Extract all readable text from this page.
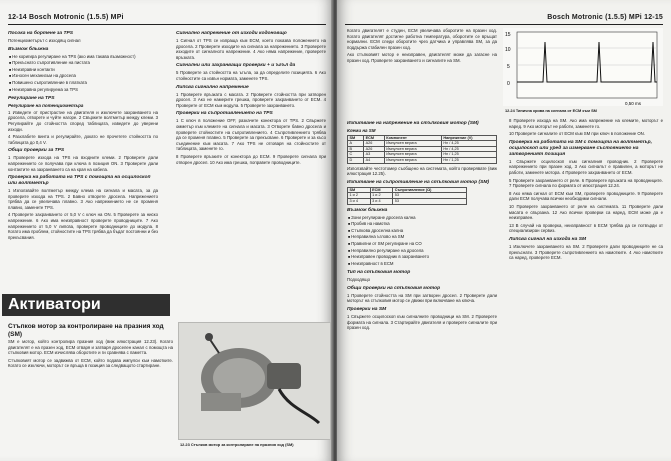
12-14 Bosch Motronic (1.5.5) MPi
Посока на бортене за TPS

Потенциометърът с изходящ сигнал

Възмож блыжна
■ Не коригира регулиране на TPS (ако има такава възможност)
■ Прекъснато съпротивление на пистата
■ Неизправни контакти
■ Износен механизъм на дросела
■ Повишено съпротивление в платката
■ Неизправна регулируема за TPS
Регулиране на TPS
Регулиране на потенциометъра

1 Изведете от пристрастие на двигателя и изключете захранването на дросела, отворете и чуйте нагоре. 2 Свържете волтметър между клеми. 3 Регулирайте до стойността според таблицата, изведете до уверени изходи.

4 Разхлабете винта и регулирайте, докато не прочетете стойността по таблицата до 0,4 V.

Общи проверки за TPS

1 Проверете изхода на TPS на входните клеми. 2 Проверете дали напрежението се получава при ключа в позиция ON. 3 Проверете дали контактите на захранването са на края на кабела.

Проверка на работата на TPS с помощта на осцилоскоп или волтметър

1 Използвайте волтметър между клема на сигнала и масата, за да проверите изхода на TPS. 2 Бавно отворете дросела. Напрежението трябва да се увеличава плавно. 3 Ако напрежението не се променя плавно, заменете TPS.

4 Проверете захранването от 5,0 V с ключ на ON. 5 Проверете за ниско напрежение. 6 Ако има неизправност проверете проводниците. 7 Ако напрежението от 5,0 V липсва, проверете проводниците до модула. 8 Когато има проблем, стойностите на TPS трябва да бъдат постоянни и без прекъсвания.

Сигнално напрежение от изходи кодоновщо

1 Сигнал от TPS се изпраща към ЕСМ, което показва положението на дросела. 2 Проверете изходите на сигнала за напрежението. 3 Проверете изходите от сигналното напрежение. 4 Ако няма напрежение, проверете връзката.

Сигнални или захранващи проверки + и ъгъл да

5 Проверете за стойността на ъгъла, за да определите позицията. 6 Ако стойностите са извън нормата, заменете TPS.

Липсва сигнално напрежение

1 Проверете връзката с масата. 2 Проверете стойността при затворен дросел. 3 Ако не намерите грешка, проверете захранването от ECM. 4 Проверете от ЕСМ към модула. 5 Проверете захранването.

Проверки на съпротивлението на TPS

1 С ключ в положение OFF, разкачете конектора от TPS. 2 Свържете омметър към клемите на сигнала и масата. 3 Отворете бавно дросела и проверете стойностите на съпротивлението. 4 Съпротивлението трябва да се променя плавно. 5 Проверете за прекъсване. 6 Проверете и за късо съединение към масата. 7 Ако TPS не отговаря на стойностите от таблицата, заменете го.

8 Проверете връзките от конектора до ECM. 9 Проверете сигнала при отворен дросел. 10 Ако има грешка, поправете проводниците.

Активатори
Стъпков мотор за контролиране на празния ход (SM)

SM е мотор, който контролира празния ход (виж илюстрация 12.23). Когато двигателят е на празен ход, ЕСМ отваря и затваря дроселен канал с помощта на стъпковия мотор. ЕСМ изчислява оборотите и ги сравнява с паметта.

Стъпковият мотор се задвижва от ЕСМ, който подава импулси към намотките. Когато се изключи, моторът се връща в позиция за следващото стартиране.

12.23 Стъпков мотор за контролиране на празния ход (SM)
Bosch Motronic (1.5.5) MPi 12-15

Когато двигателят е студен, ЕСМ увеличава оборотите на празен ход. Когато двигателят достигне работна температура, оборотите се връщат нормални. ЕСМ следи оборотите чрез датчика и управлява SM, за да поддържа стабилен празен ход.

Ако стъпковият мотор е неизправен, двигателят може да загасне на празен ход. Проверете захранването и сигналите на SM.

15
10
5
0
0,50 ms
12.24 Типична крива на сигнала от ECM към SM
Изпитване на напрежение на стъпковия мотор (SM)
Клеми на SM
SM	ECM	Компонент	Напрежение (V)
A	A26	Импулсен верига	Hn / 4,25
B	A26	Импулсен верига	Hn / 4,25
C	A3	Импулсен верига	Hn / 1,25
D	A4	Импулсен верига	Hn / 1,25

Използвайте честотомер съобщено на системата, който проверявате (виж илюстрация 12.25).

Изпитване на съпротивление на стъпковия мотор (SM)
SM	ECM	Съпротивление (Ω)
1 и 2	1 и 2	53
3 и 4	3 и 4	53
Възмож блыжна
■ Зони регулиране дросела кална
■ Пробив на намотка
■ Стъпкова дроселна кална
■ Неправилна ъглово на SM
■ Правилни от SM регулиране на CO
■ Неправилно регулиране на дросела
■ Неизправен проводник в захранването
■ Неизправност в ЕСМ
Тип на стъпковия мотор

Подходящо

Общи проверки на стъпковия мотор

1 Проверете стойността на SM при затворен дросел. 2 Проверете дали моторът на стъпковия мотор се движи при включване на ключа.

Проверки на SM

1 Свържете осцилоскоп към сигналните проводници на SM. 2 Проверете формата на сигнала. 3 Стартирайте двигателя и проверете сигналите при празен ход.

8 Проверете изхода на SM. Ако има напрежение на клемите, моторът е наред. 9 Ако моторът не работи, заменете го.

10 Проверете сигналите от ЕСМ към SM при ключ в положение ON.

Проверка на работата на SM с помощта на волтметър, осцилоскоп или уред за измерване състоянието на затвореният позиция

1 Свържете осцилоскоп към сигналния проводник. 2 Проверете напрежението при празен ход. 3 Ако сигналът е правилен, а моторът не работи, заменете мотора. 4 Проверете захранването от ЕСМ.

5 Проверете захранването от реле. 6 Проверете връзката на проводниците. 7 Проверете сигнала по формата от илюстрация 12.24.

8 Ако няма сигнал от ЕСМ към SM, проверете проводниците. 9 Проверете дали ЕСМ получава всички необходими сигнали.

10 Проверете захранването от реле на системата. 11 Проверете дали масата е свързана. 12 Ако всички проверки са наред, ЕСМ може да е неизправен.

13 В случай на проверка, неизправност в ЕСМ трябва да се потвърди от специализиран сервиз.

Липсва сигнал на изхода на SM

1 Изключете захранването на SM. 2 Проверете дали проводниците не са прекъснати. 3 Проверете съпротивлението на намотките. 4 Ако намотките са наред, проверете ЕСМ.
